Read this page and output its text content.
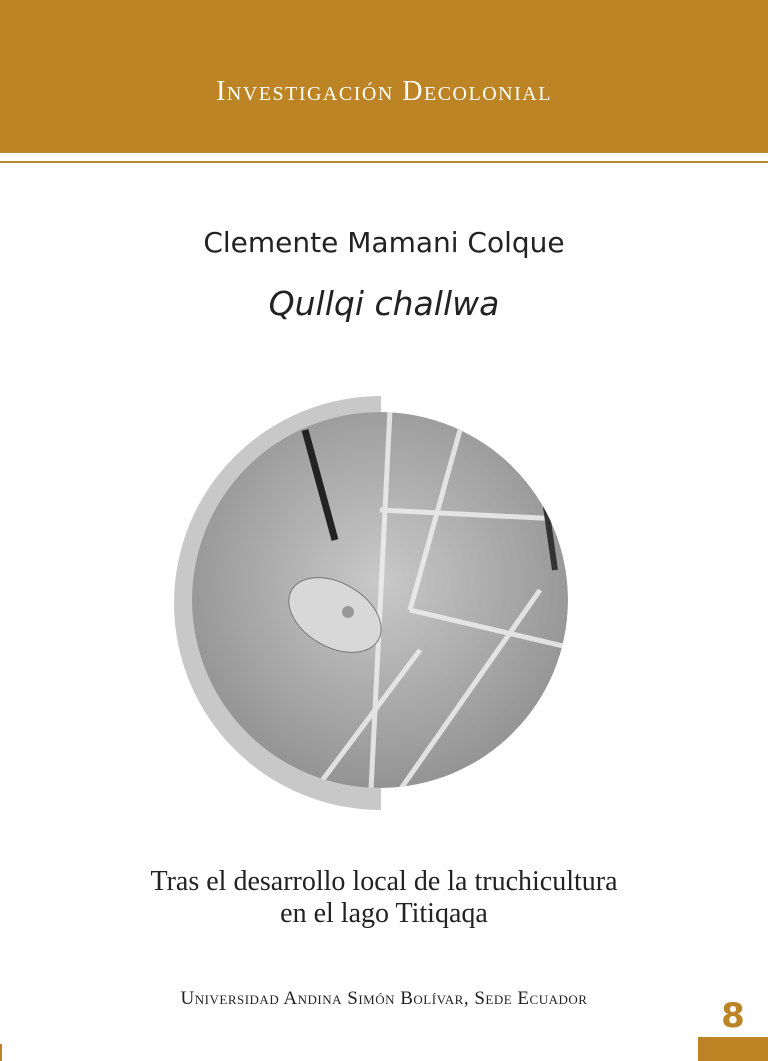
Investigación Decolonial
Clemente Mamani Colque
Qullqi challwa
Tras el desarrollo local de la truchicultura
en el lago Titiqaqa
Universidad Andina Simón Bolívar, Sede Ecuador	8
